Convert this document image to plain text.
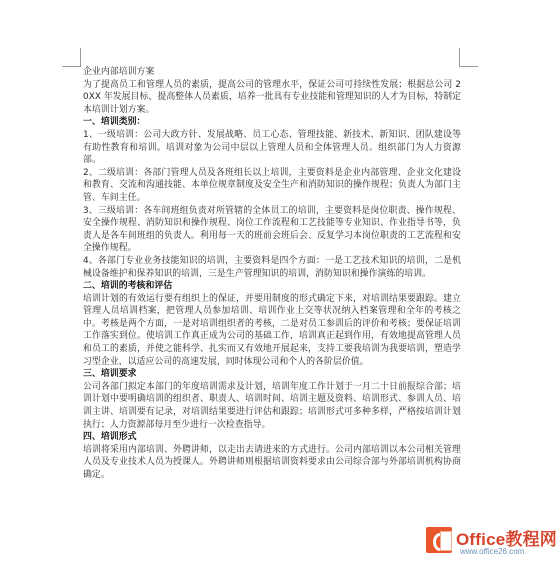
企业内部培训方案

为了提高员工和管理人员的素质，提高公司的管理水平，保证公司可持续性发展；根据总公司 20XX 年发展目标，提高整体人员素质，培养一批具有专业技能和管理知识的人才为目标，特制定本培训计划方案。

一、培训类别：

1、一级培训：公司大政方针、发展战略、员工心态、管理技能、新技术、新知识、团队建设等有助性教育和培训。培训对象为公司中层以上管理人员和全体管理人员。组织部门为人力资源部。

2、二级培训：各部门管理人员及各班组长以上培训，主要资料是企业内部管理、企业文化建设和教育、交流和沟通技能、本单位规章制度及安全生产和消防知识的操作规程；负责人为部门主管、车间主任。

3、三级培训：各车间班组负责对所管辖的全体员工的培训，主要资料是岗位职责、操作规程、安全操作规程、消防知识和操作规程、岗位工作流程和工艺技能等专业知识、作业指导书等，负责人是各车间班组的负责人。利用每一天的班前会班后会、反复学习本岗位职责的工艺流程和安全操作规程。

4、各部门专业业务技能知识的培训，主要资料是四个方面：一是工艺技术知识的培训，二是机械设备维护和保养知识的培训，三是生产管理知识的培训，消防知识和操作演练的培训。

二、培训的考核和评估

培训计划的有效运行要有组织上的保证，并要用制度的形式确定下来，对培训结果要跟踪。建立管理人员培训档案，把管理人员参加培训、培训作业上交等状况纳入档案管理和全年的考核之中。考核是两个方面，一是对培训组织者的考核，二是对员工参训后的评价和考核；要保证培训工作落实到位。使培训工作真正成为公司的基础工作，培训真正起到作用，有效地提高管理人员和员工的素质，并使之能科学、扎实而又有效地开展起来，支持工要我培训为我要培训，塑造学习型企业，以适应公司的高速发展，同时体现公司和个人的各阶层价值。

三、培训要求

公司各部门拟定本部门的年度培训需求及计划，培训年度工作计划于一月二十日前报综合部；培训计划中要明确培训的组织者、职责人、培训时间、培训主题及资料、培训形式、参训人员、培训主讲、培训要有记录，对培训结果要进行评估和跟踪；培训形式可多种多样，严格按培训计划执行；人力资源部每月至少进行一次检查指导。

四、培训形式

培训将采用内部培训、外聘讲师，以走出去请进来的方式进行。公司内部培训以本公司相关管理人员及专业技术人员为授课人。外聘讲师则根据培训资料要求由公司综合部与外部培训机构协商确定。

Office教程网
www.office26.com
